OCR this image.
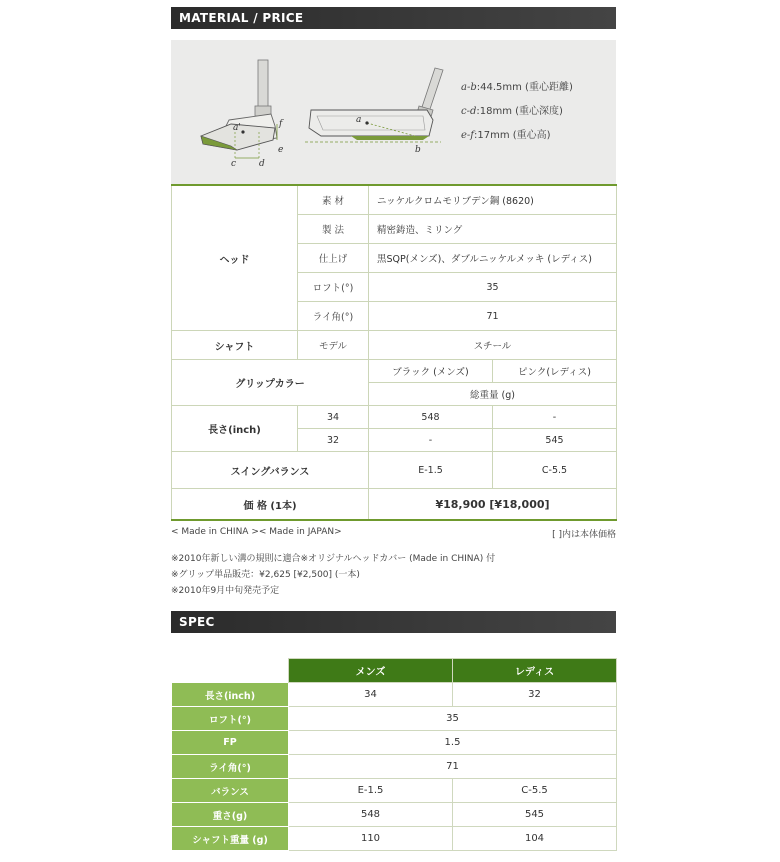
MATERIAL / PRICE
a'
c	d
e
f	a
b
a-b:44.5mm (重心距離)
c-d:18mm (重心深度)
e-f:17mm (重心高)
ヘッド	素 材	ニッケルクロムモリブデン鋼 (8620)	
	製 法	精密鋳造、ミリング	
	仕上げ	黒SQP(メンズ)、ダブルニッケルメッキ (レディス)	
	ロフト(°)	35	
	ライ角(°)	71	
シャフト	モデル	スチール	
グリップカラー		ブラック (メンズ)	ピンク(レディス)
		総重量 (g)	
長さ(inch)	34	548	-
	32	-	545
スイングバランス		E-1.5	C-5.5
価 格 (1本)		¥18,900 [¥18,000]	
< Made in CHINA >< Made in JAPAN>	[ ]内は本体価格
※2010年新しい溝の規則に適合※オリジナルヘッドカバー (Made in CHINA) 付
※グリップ単品販売：¥2,625 [¥2,500] (一本)
※2010年9月中旬発売予定
SPEC
	メンズ	レディス
長さ(inch)	34	32
ロフト(°)	35	
FP	1.5	
ライ角(°)	71	
バランス	E-1.5	C-5.5
重さ(g)	548	545
シャフト重量 (g)	110	104
